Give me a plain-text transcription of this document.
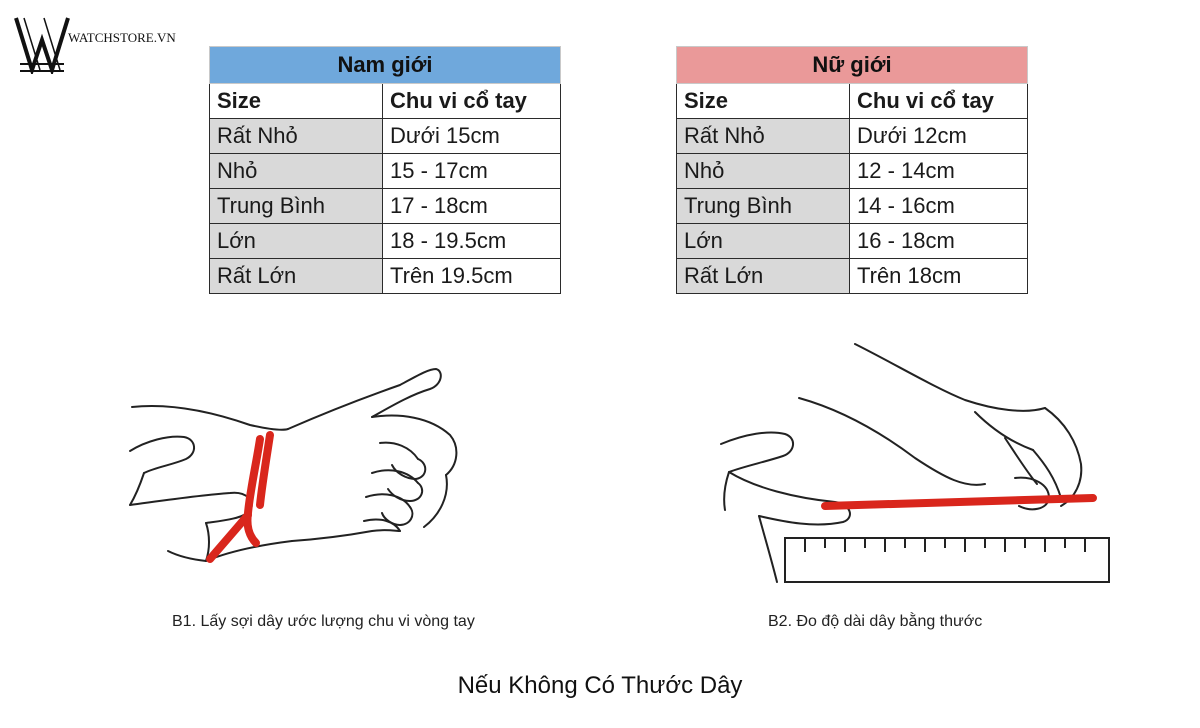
WATCHSTORE.VN
Nam giới	
Size	Chu vi cổ tay
Rất Nhỏ	Dưới 15cm
Nhỏ	15 - 17cm
Trung Bình	17 - 18cm
Lớn	18 - 19.5cm
Rất Lớn	Trên 19.5cm
Nữ giới	
Size	Chu vi cổ tay
Rất Nhỏ	Dưới 12cm
Nhỏ	12 - 14cm
Trung Bình	14 - 16cm
Lớn	16 - 18cm
Rất Lớn	Trên 18cm
B1. Lấy sợi dây ước lượng chu vi vòng tay	B2. Đo độ dài dây bằng thước
Nếu Không Có Thước Dây
